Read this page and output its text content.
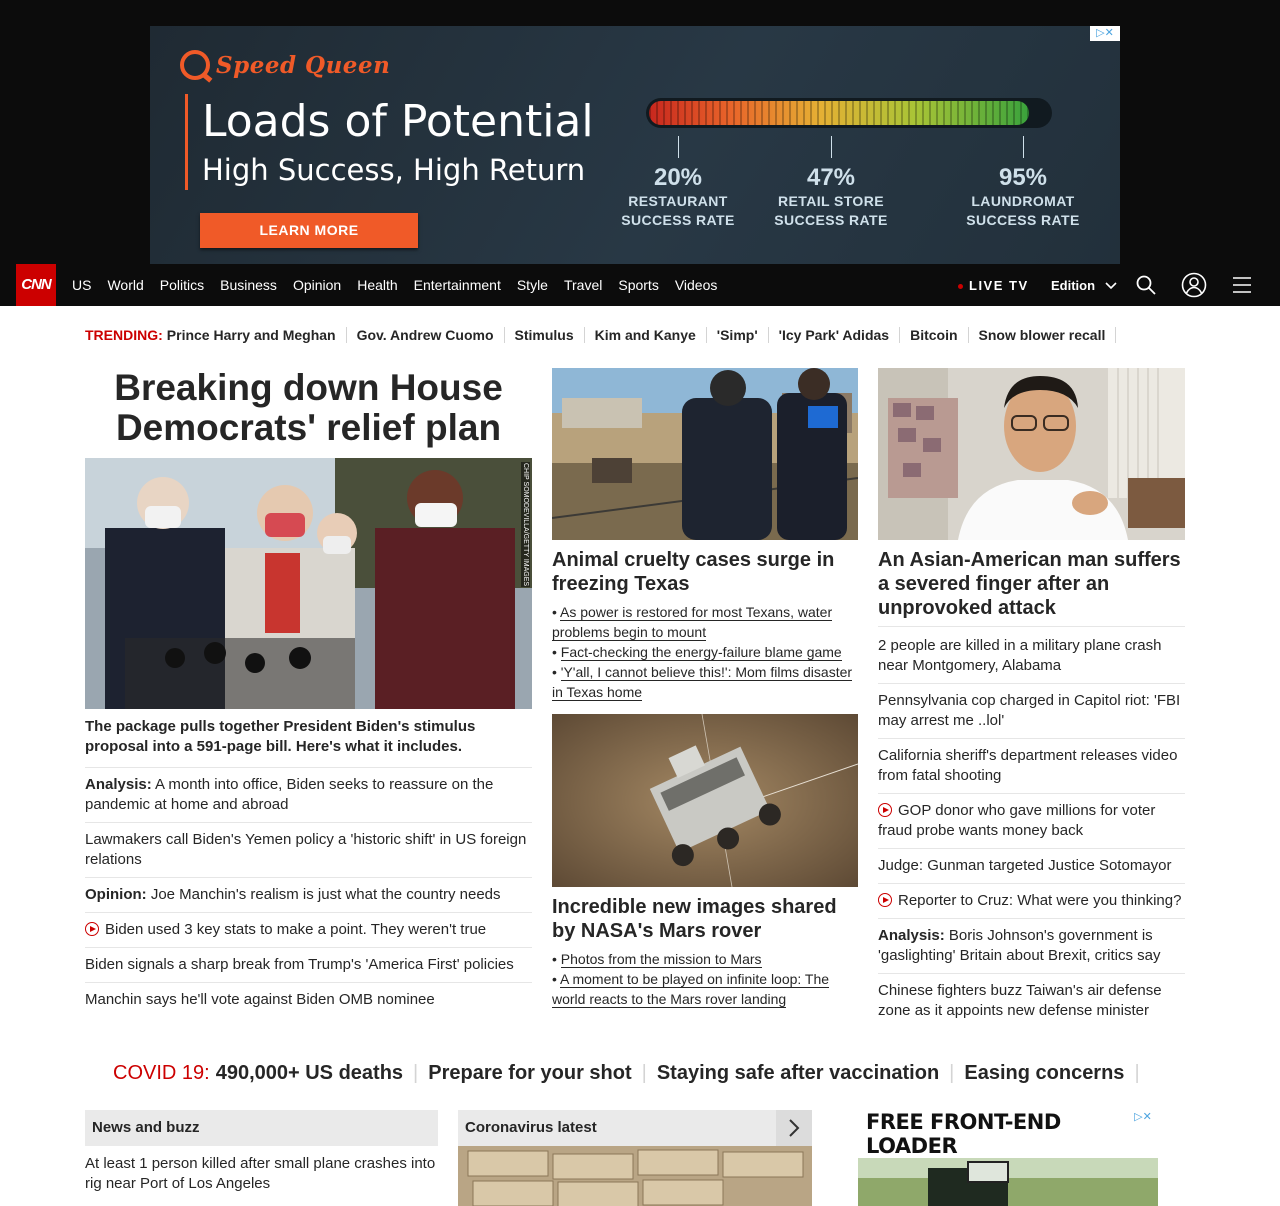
▷✕
Speed Queen
Loads of Potential
High Success, High Return
LEARN MORE
20%
RESTAURANT
SUCCESS RATE
47%
RETAIL STORE
SUCCESS RATE
95%
LAUNDROMAT
SUCCESS RATE
CNN	US World Politics Business Opinion Health Entertainment Style Travel Sports Videos	LIVE TV Edition
TRENDING: Prince Harry and Meghan	Gov. Andrew Cuomo	Stimulus	Kim and Kanye	'Simp'	'Icy Park' Adidas	Bitcoin	Snow blower recall
Breaking down House Democrats' relief plan
CHIP SOMODEVILLA/GETTY IMAGES
The package pulls together President Biden's stimulus proposal into a 591-page bill. Here's what it includes.
Analysis: A month into office, Biden seeks to reassure on the pandemic at home and abroad
Lawmakers call Biden's Yemen policy a 'historic shift' in US foreign relations
Opinion: Joe Manchin's realism is just what the country needs
Biden used 3 key stats to make a point. They weren't true
Biden signals a sharp break from Trump's 'America First' policies
Manchin says he'll vote against Biden OMB nominee
Animal cruelty cases surge in freezing Texas
• As power is restored for most Texans, water problems begin to mount
• Fact-checking the energy-failure blame game
• 'Y'all, I cannot believe this!': Mom films disaster in Texas home
Incredible new images shared by NASA's Mars rover
• Photos from the mission to Mars
• A moment to be played on infinite loop: The world reacts to the Mars rover landing
An Asian-American man suffers a severed finger after an unprovoked attack
2 people are killed in a military plane crash near Montgomery, Alabama
Pennsylvania cop charged in Capitol riot: 'FBI may arrest me ..lol'
California sheriff's department releases video from fatal shooting
GOP donor who gave millions for voter fraud probe wants money back
Judge: Gunman targeted Justice Sotomayor
Reporter to Cruz: What were you thinking?
Analysis: Boris Johnson's government is 'gaslighting' Britain about Brexit, critics say
Chinese fighters buzz Taiwan's air defense zone as it appoints new defense minister
COVID 19: 490,000+ US deaths | Prepare for your shot | Staying safe after vaccination | Easing concerns |
News and buzz
At least 1 person killed after small plane crashes into rig near Port of Los Angeles
Coronavirus latest
▷✕
FREE FRONT-END LOADER
